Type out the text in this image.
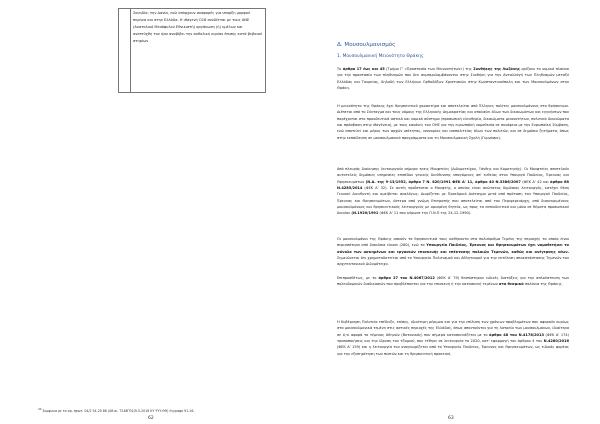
Σουηδία, την Δανία, ενώ υπάρχουν αναφορές για υπαρξη μορφού πυρήνα και στην Ελλάδα. Η ιθαγενή Ο18 συνδέεται με τους ΑΝΕ (Ανατολικό Μεσόφυλου Εθνικιστή) οργάνωση (ή) ημέλων και ανεπτύχθη τον ήρα αναβίβει την καθολική κυρίαν έπισης κατά βεβαιού στηρίων
$^{40}$ Συμφωνα με το αρ. πρωτ. 04/2 54-20 86 (Αθ.οι. 7248ΓΘ2/9-5-2016 ΚΥ ΥΥΥ.ΘΘ) έγγραφο 91-16.
62
Δ. Μουσουλμανισμός
1. Μουσουλμανική Μειονότητα Θράκης
Το άρθρο 17 έως και 45 (Τμήμα Γ' «Προστασία των Μειονοτήτων») της Συνθήκης της Λωζάνης ορίζουν το νομικό πλαίσιο για την προστασία των πληθυσμών που δεν συμπεριλαμβάνονται στην Συνθήκη για την Ανταλλαγή των Πληθυσμών μεταξύ Ελλάδας και Τουρκίας, δηλαδή των Ελλήνων Ορθοδόξων Χριστιανών στην Κωνσταντινούπολη και των Μουσουλμάνων στην Θράκη.
Η μειονότητα της Θράκης έχει θρησκευτικό χαρακτήρα και αποτελείται από Έλληνες πολίτες μουσουλμάνους στο θρήσκευμα. Διέπεται από το Σύνταγμα και τους νόμους της Ελληνικής Δημοκρατίας και απολαύει όλων των δικαιωμάτων και εγγυήσεων που παρέχονται στο προοδευτικά αστικό και νομικό σύστημα (προσωπική ελευθερία, δικαιώματα μειονοτήτων, πολιτικά δικαιώματα και πρόσβαση στην ιθαγένεια), με τους κανόνες του ΟΗΕ για την ευρωπαϊκή νομοθεσία σε συνάφεια με την Ευρωπαϊκή Σύμβαση, ενώ αποτελεί και μέρος των αρχών ισότητας, ισονομίας και ισοπολιτείας όλων των πολιτών, και σε δημόσια ζητήματα, όπως στην εκπαίδευση σε μουσουλμανικά προγράμματα και τη Μουσουλμανική Σχολή (Γυμνάσιο).
Από πλευράς διοίκησης λειτουργούν σήμερα τρεις Μουφτείες (Διδυμοτείχου, Ξάνθης και Κομοτηνής). Οι Μουφτείες αποτελούν αυτοτελείς δημόσιες υπηρεσίες επιπέδου γενικής διεύθυνσης υπαγόμενες απ' ευθείας στον Υπουργό Παιδείας, Έρευνας και Θρησκευμάτων (Ν.Δ. της 9-13/1952, άρθρο 7 Ν. 820/1991 ΦΕΚ Α' 11, άρθρο 40 Ν.3386/2007 (ΦΕΚ Α' 42 και άρθρο 68 Ν.4285/2014 (ΦΕΚ Α' 32). Σε αυτές προΐσταται ο Μουφτής, ο οποίος είναι ανώτατος δημόσιος λειτουργός, κατέχει θέση Γενικού Διευθυντή και αμείβεται αναλόγως. Διορίζεται με Προεδρικό Διάταγμα μετά από πρόταση του Υπουργού Παιδείας, Έρευνας και Θρησκευμάτων, ύστερα από γνώμη Επιτροπής που αποτελείται από τον Περιφερειάρχη, από διακεκριμένους μουσουλμάνους και θρησκευτικούς λειτουργούς με ορισμένη θητεία, ως προς τα εκπαιδευτικά και μόνο σε θέματα προσωπικού δικαίου (Ν.1920/1991 (ΦΕΚ Α' 11 που κύρωσε την Π.Ν.Π της 24-12-1990).
Οι μουσουλμάνοι της Θράκης ασκούν τα θρησκευτικά τους καθήκοντα στα πολυάριθμα Τεμένη της περιοχής τα οποία είναι περισσότερα από διακόσια είκοσι (260), ενώ τα Υπουργείο Παιδείας, Έρευνας και Θρησκευμάτων έχει νομοθετήσει το σύνολο των ασκημένων και εργασιών επισκευής και επέκτασης παλαιών Τεμενών, καθώς και ανέγερσης νέων. Σημειώνεται ότι χρηματοδοτείται από το Υπουργείο Πολιτισμού και Αθλητισμού για την εκτέλεση αποκατάστασης Τεμενών του αρχιτεκτονικού Διδυμότειχο.
Επιπροσθέτως, με το άρθρο 27 του Ν.4067/2012 (ΦΕΚ Α' 79) θεσπίστηκαν ειδικές διατάξεις για την απλούστευση των πολεοδομικών διαδικασιών που προβλέπονται για την επισκευή ή την κατασκευή τεμένων στα θεσμικά σαλόνια της Θράκης.
Η Κυβέρνηση Πολιτεία επέδειξε, επίσης, ιδιαίτερη μέριμνα και για την επίλυση των χρόνιων προβλημάτων που αφορούν κυρίως στα μουσουλμανικά τεμένη στις αστικές περιοχές της Ελλάδας, όπως απαιτούνται για τη λατρεία των μουσουλμάνων, ιδιαίτερα σε ό,τι αφορά το τέμενος Αθηνών (Βοτανικός) που σήμερα κατασκευάζεται με το άρθρο 48 του Ν.4178/2013 (ΦΕΚ Α' 174) τροποποιήσεις και την ίδρυση του τζαμιού, που τέθηκε σε λειτουργία το 2020, κατ' εφαρμογή του άρθρου 4 του Ν.4280/2016 (ΦΕΚ Α' 159) και η λειτουργία του αναγνωρίζεται από το Υπουργείο Παιδείας, Έρευνας και Θρησκευμάτων, ως ειδικός φορέας για την εξυπηρέτηση των πιστών και τη θρησκευτική πρακτική.
63
